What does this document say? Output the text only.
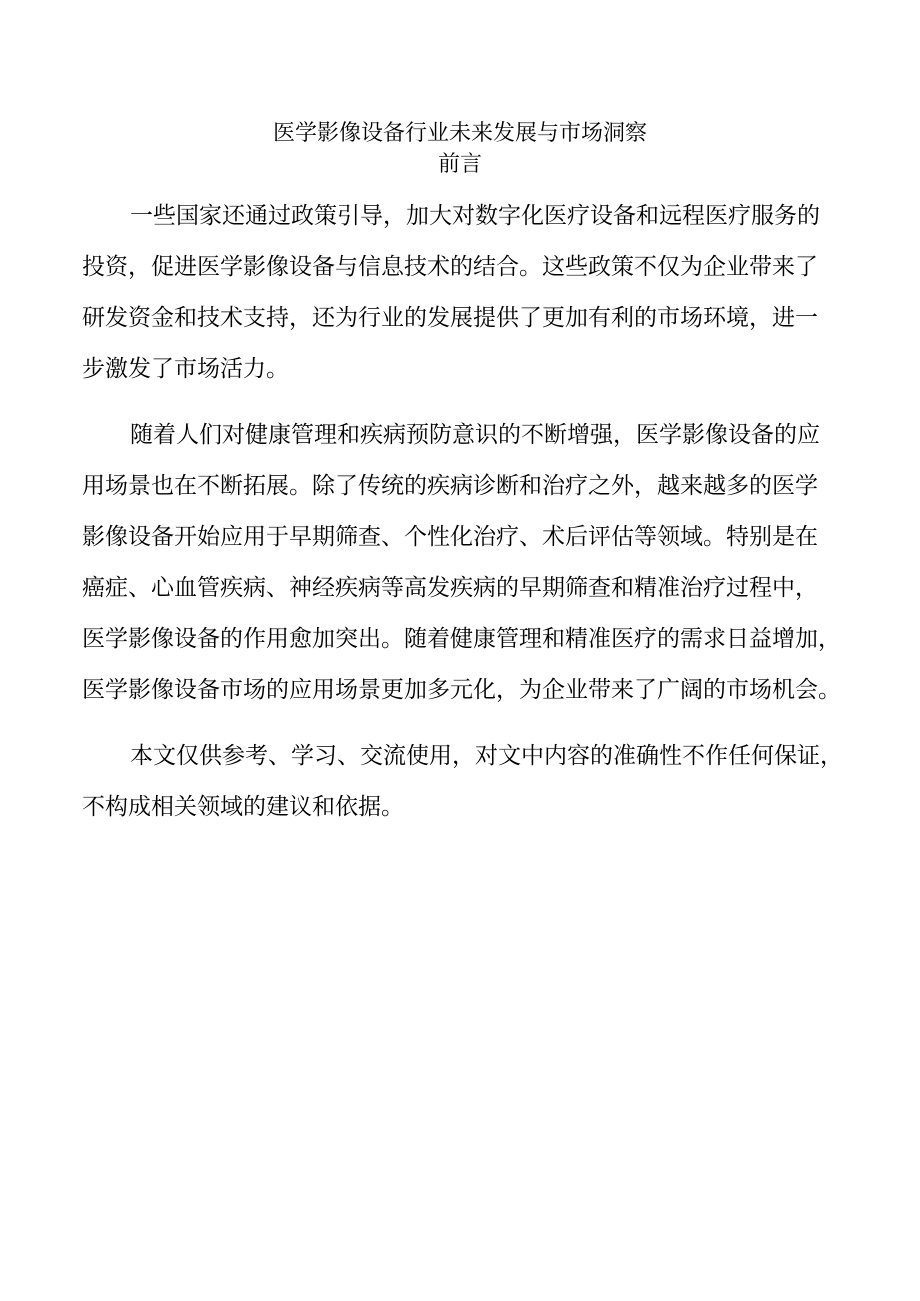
医学影像设备行业未来发展与市场洞察
前言

一些国家还通过政策引导，加大对数字化医疗设备和远程医疗服务的
投资，促进医学影像设备与信息技术的结合。这些政策不仅为企业带来了
研发资金和技术支持，还为行业的发展提供了更加有利的市场环境，进一
步激发了市场活力。

随着人们对健康管理和疾病预防意识的不断增强，医学影像设备的应
用场景也在不断拓展。除了传统的疾病诊断和治疗之外，越来越多的医学
影像设备开始应用于早期筛查、个性化治疗、术后评估等领域。特别是在
癌症、心血管疾病、神经疾病等高发疾病的早期筛查和精准治疗过程中，
医学影像设备的作用愈加突出。随着健康管理和精准医疗的需求日益增加，
医学影像设备市场的应用场景更加多元化，为企业带来了广阔的市场机会。

本文仅供参考、学习、交流使用，对文中内容的准确性不作任何保证，
不构成相关领域的建议和依据。
